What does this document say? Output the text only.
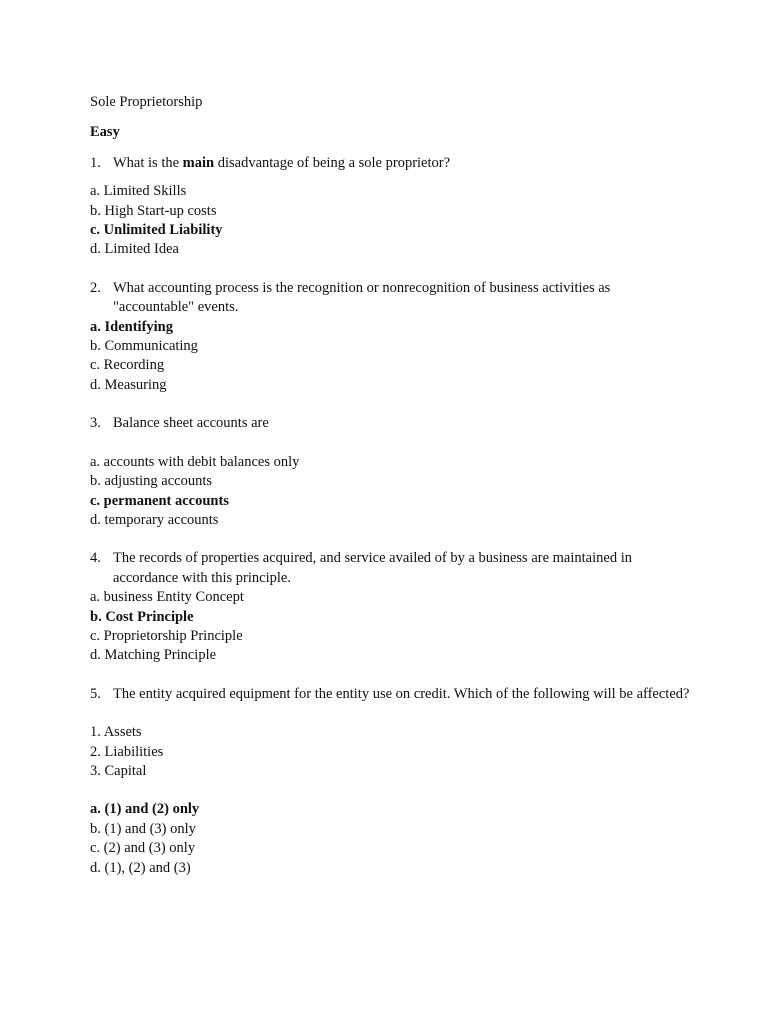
Sole Proprietorship
Easy
1. What is the main disadvantage of being a sole proprietor?
a. Limited Skills
b. High Start-up costs
c. Unlimited Liability
d. Limited Idea
2. What accounting process is the recognition or nonrecognition of business activities as "accountable" events.
a. Identifying
b. Communicating
c. Recording
d. Measuring
3. Balance sheet accounts are
a. accounts with debit balances only
b. adjusting accounts
c. permanent accounts
d. temporary accounts
4. The records of properties acquired, and service availed of by a business are maintained in accordance with this principle.
a. business Entity Concept
b. Cost Principle
c. Proprietorship Principle
d. Matching Principle
5. The entity acquired equipment for the entity use on credit. Which of the following will be affected?
1. Assets
2. Liabilities
3. Capital
a. (1) and (2) only
b. (1) and (3) only
c. (2) and (3) only
d. (1), (2) and (3)
